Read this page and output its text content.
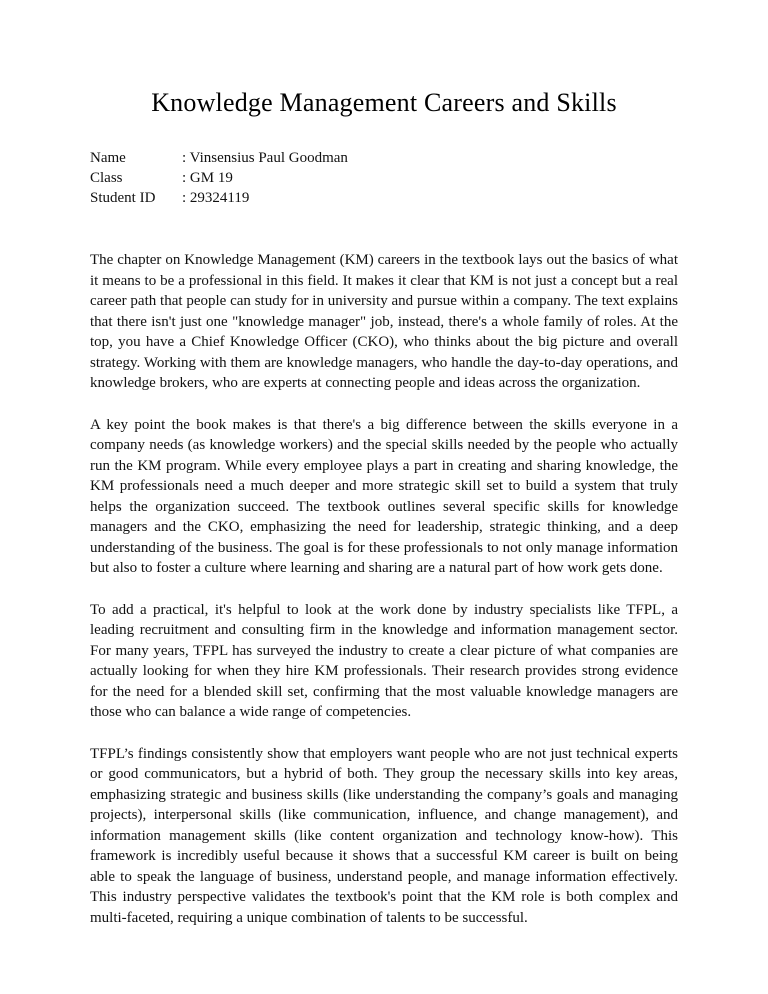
Knowledge Management Careers and Skills
Name	: Vinsensius Paul Goodman
Class	: GM 19
Student ID	: 29324119

The chapter on Knowledge Management (KM) careers in the textbook lays out the basics of what it means to be a professional in this field. It makes it clear that KM is not just a concept but a real career path that people can study for in university and pursue within a company. The text explains that there isn't just one "knowledge manager" job, instead, there's a whole family of roles. At the top, you have a Chief Knowledge Officer (CKO), who thinks about the big picture and overall strategy. Working with them are knowledge managers, who handle the day-to-day operations, and knowledge brokers, who are experts at connecting people and ideas across the organization.

A key point the book makes is that there's a big difference between the skills everyone in a company needs (as knowledge workers) and the special skills needed by the people who actually run the KM program. While every employee plays a part in creating and sharing knowledge, the KM professionals need a much deeper and more strategic skill set to build a system that truly helps the organization succeed. The textbook outlines several specific skills for knowledge managers and the CKO, emphasizing the need for leadership, strategic thinking, and a deep understanding of the business. The goal is for these professionals to not only manage information but also to foster a culture where learning and sharing are a natural part of how work gets done.

To add a practical, it's helpful to look at the work done by industry specialists like TFPL, a leading recruitment and consulting firm in the knowledge and information management sector. For many years, TFPL has surveyed the industry to create a clear picture of what companies are actually looking for when they hire KM professionals. Their research provides strong evidence for the need for a blended skill set, confirming that the most valuable knowledge managers are those who can balance a wide range of competencies.

TFPL’s findings consistently show that employers want people who are not just technical experts or good communicators, but a hybrid of both. They group the necessary skills into key areas, emphasizing strategic and business skills (like understanding the company’s goals and managing projects), interpersonal skills (like communication, influence, and change management), and information management skills (like content organization and technology know-how). This framework is incredibly useful because it shows that a successful KM career is built on being able to speak the language of business, understand people, and manage information effectively. This industry perspective validates the textbook's point that the KM role is both complex and multi-faceted, requiring a unique combination of talents to be successful.
